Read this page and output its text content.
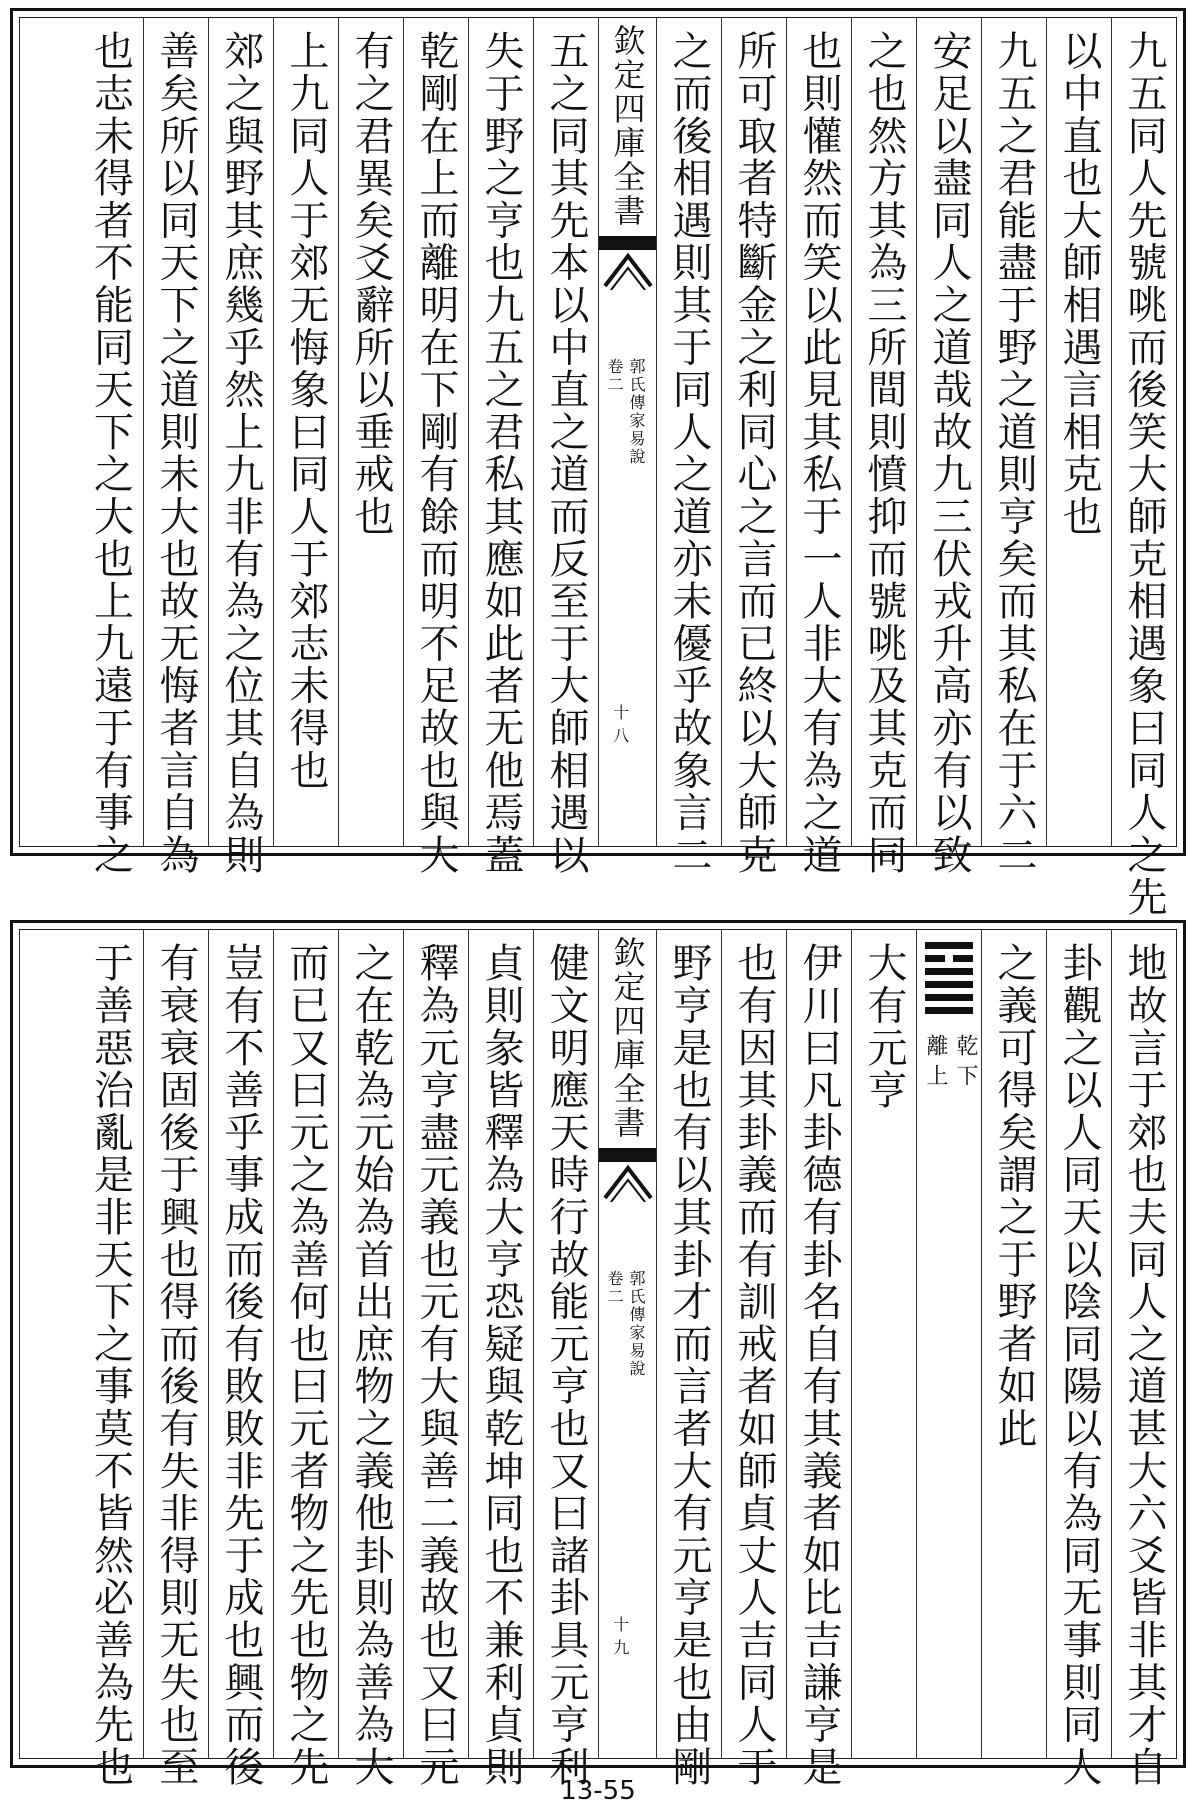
九五同人先號咷而後笑大師克相遇象曰同人之先
以中直也大師相遇言相克也
九五之君能盡于野之道則亨矣而其私在于六二
安足以盡同人之道哉故九三伏戎升高亦有以致
之也然方其為三所間則憤抑而號咷及其克而同
也則懽然而笑以此見其私于一人非大有為之道
所可取者特斷金之利同心之言而已終以大師克
之而後相遇則其于同人之道亦未優乎故象言二
欽定四庫全書
郭氏傳家易說
卷二
十八
五之同其先本以中直之道而反至于大師相遇以
失于野之亨也九五之君私其應如此者无他焉蓋
乾剛在上而離明在下剛有餘而明不足故也與大
有之君異矣爻辭所以垂戒也
上九同人于郊无悔象曰同人于郊志未得也
郊之與野其庶幾乎然上九非有為之位其自為則
善矣所以同天下之道則未大也故无悔者言自為
也志未得者不能同天下之大也上九遠于有事之
地故言于郊也夫同人之道甚大六爻皆非其才自
卦觀之以人同天以陰同陽以有為同无事則同人
之義可得矣謂之于野者如此
乾下
離上
大有元亨
伊川曰凡卦德有卦名自有其義者如比吉謙亨是
也有因其卦義而有訓戒者如師貞丈人吉同人于
野亨是也有以其卦才而言者大有元亨是也由剛
欽定四庫全書
郭氏傳家易說
卷二
十九
健文明應天時行故能元亨也又曰諸卦具元亨利
貞則彖皆釋為大亨恐疑與乾坤同也不兼利貞則
釋為元亨盡元義也元有大與善二義故也又曰元
之在乾為元始為首出庶物之義他卦則為善為大
而已又曰元之為善何也曰元者物之先也物之先
豈有不善乎事成而後有敗敗非先于成也興而後
有衰衰固後于興也得而後有失非得則无失也至
于善惡治亂是非天下之事莫不皆然必善為先也
13-55
